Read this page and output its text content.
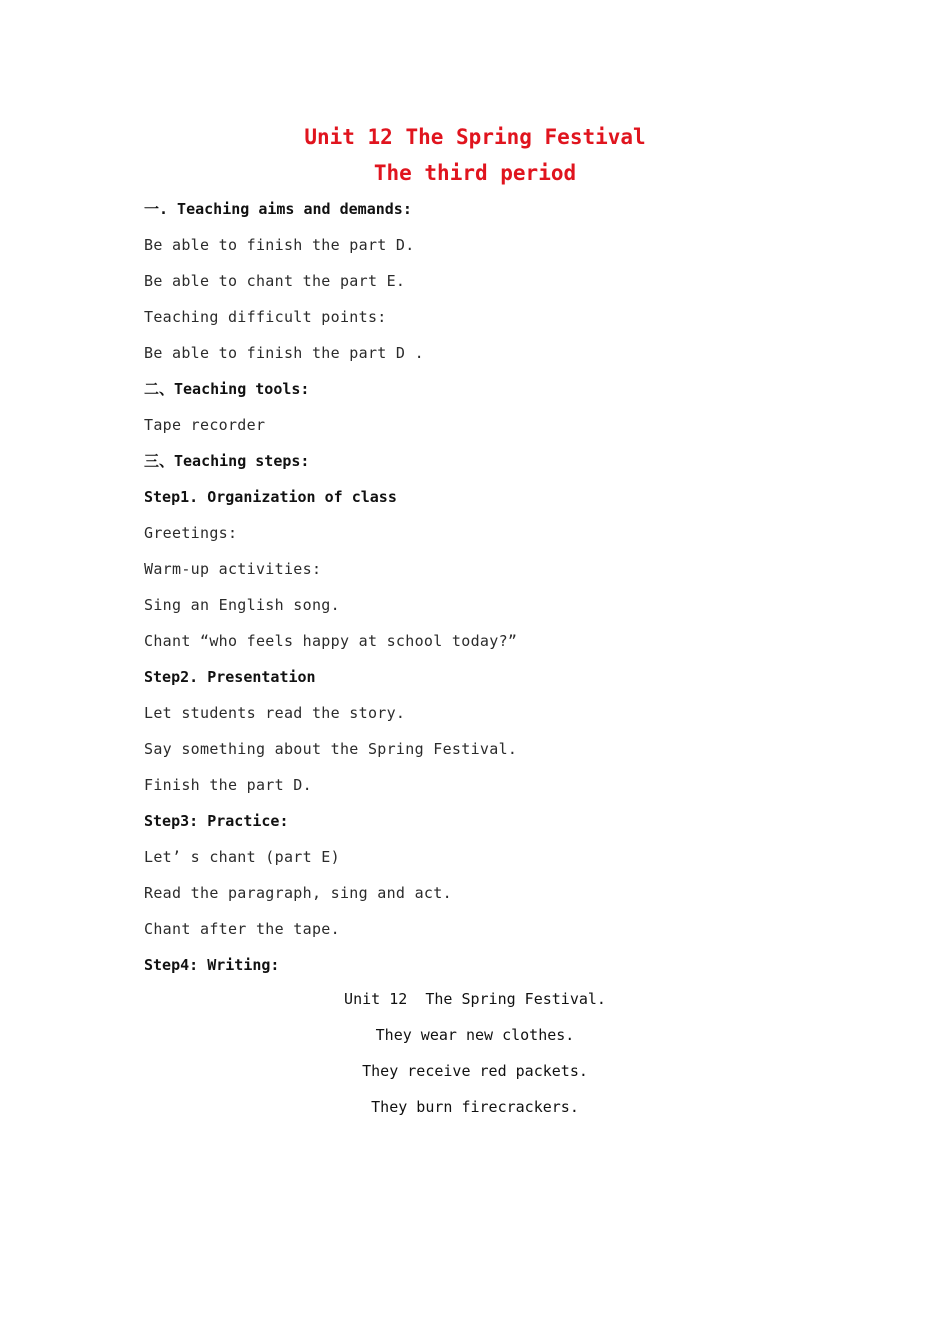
Unit 12 The Spring Festival
The third period
一. Teaching aims and demands:
Be able to finish the part D.
Be able to chant the part E.
Teaching difficult points:
Be able to finish the part D .
二、Teaching tools:
Tape recorder
三、Teaching steps:
Step1. Organization of class
Greetings:
Warm-up activities:
Sing an English song.
Chant “who feels happy at school today?”
Step2. Presentation
Let students read the story.
Say something about the Spring Festival.
Finish the part D.
Step3: Practice:
Let’ s chant (part E)
Read the paragraph, sing and act.
Chant after the tape.
Step4: Writing:
Unit 12  The Spring Festival.
They wear new clothes.
They receive red packets.
They burn firecrackers.
